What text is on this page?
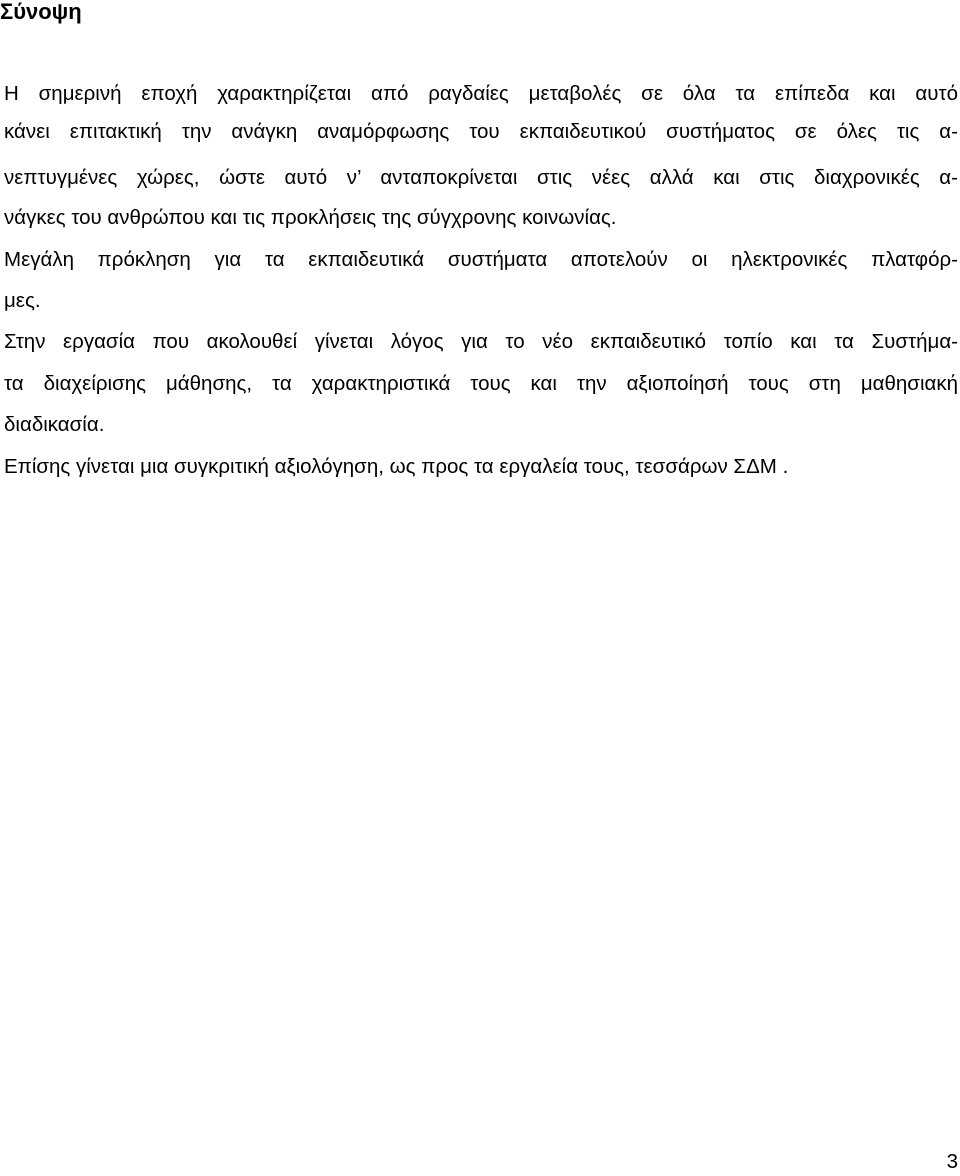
Σύνοψη

Η σημερινή εποχή χαρακτηρίζεται από ραγδαίες μεταβολές σε όλα τα επίπεδα και αυτό

κάνει επιτακτική την ανάγκη αναμόρφωσης του εκπαιδευτικού συστήματος σε όλες τις α-

νεπτυγμένες χώρες, ώστε αυτό ν’ ανταποκρίνεται στις νέες αλλά και στις διαχρονικές α-

νάγκες του ανθρώπου και τις προκλήσεις της σύγχρονης κοινωνίας.

Μεγάλη πρόκληση για τα εκπαιδευτικά συστήματα αποτελούν οι ηλεκτρονικές πλατφόρ-

μες.

Στην εργασία που ακολουθεί γίνεται λόγος για το νέο εκπαιδευτικό τοπίο και τα Συστήμα-

τα διαχείρισης μάθησης, τα χαρακτηριστικά τους και την αξιοποίησή τους στη μαθησιακή

διαδικασία.

Επίσης γίνεται μια συγκριτική αξιολόγηση, ως προς τα εργαλεία τους, τεσσάρων ΣΔΜ .

3
